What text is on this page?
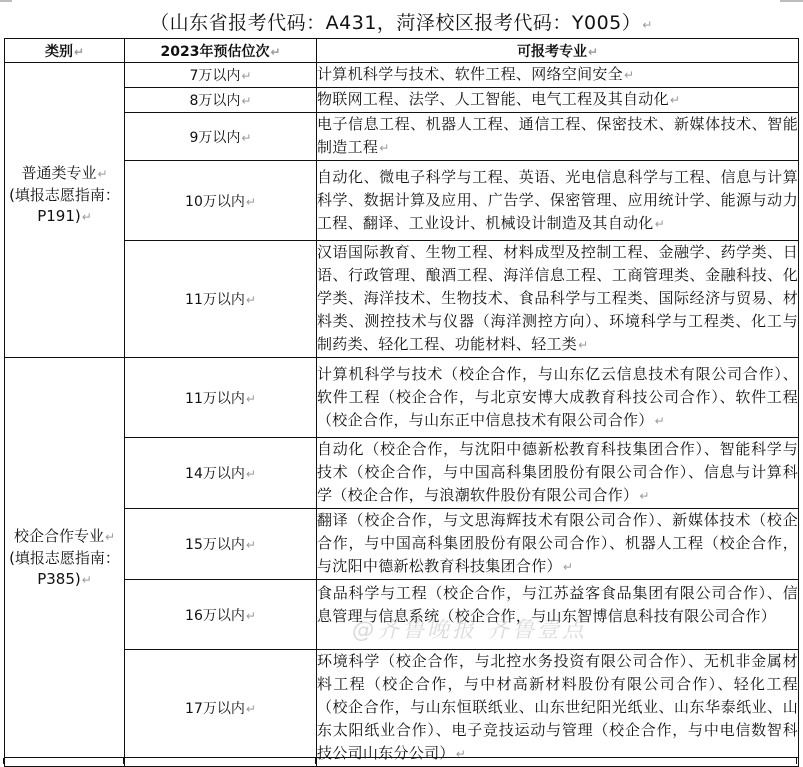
（山东省报考代码：A431，菏泽校区报考代码：Y005）↵
类别↵	2023年预估位次↵	可报考专业↵
普通类专业↵
(填报志愿指南：P191)↵	7万以内↵	计算机科学与技术、软件工程、网络空间安全↵
	8万以内↵	物联网工程、法学、人工智能、电气工程及其自动化↵
	9万以内↵	电子信息工程、机器人工程、通信工程、保密技术、新媒体技术、智能制造工程↵
	10万以内↵	自动化、微电子科学与工程、英语、光电信息科学与工程、信息与计算科学、数据计算及应用、广告学、保密管理、应用统计学、能源与动力工程、翻译、工业设计、机械设计制造及其自动化↵
	11万以内↵	汉语国际教育、生物工程、材料成型及控制工程、金融学、药学类、日语、行政管理、酿酒工程、海洋信息工程、工商管理类、金融科技、化学类、海洋技术、生物技术、食品科学与工程类、国际经济与贸易、材料类、测控技术与仪器（海洋测控方向）、环境科学与工程类、化工与制药类、轻化工程、功能材料、轻工类↵
校企合作专业↵
(填报志愿指南：P385)↵	11万以内↵	计算机科学与技术（校企合作，与山东亿云信息技术有限公司合作）、软件工程（校企合作，与北京安博大成教育科技公司合作）、软件工程（校企合作，与山东正中信息技术有限公司合作）↵
	14万以内↵	自动化（校企合作，与沈阳中德新松教育科技集团合作）、智能科学与技术（校企合作，与中国高科集团股份有限公司合作）、信息与计算科学（校企合作，与浪潮软件股份有限公司合作）↵
	15万以内↵	翻译（校企合作，与文思海辉技术有限公司合作）、新媒体技术（校企合作，与中国高科集团股份有限公司合作）、机器人工程（校企合作，与沈阳中德新松教育科技集团合作）↵
	16万以内↵	食品科学与工程（校企合作，与江苏益客食品集团有限公司合作）、信息管理与信息系统（校企合作，与山东智博信息科技有限公司合作）
	17万以内↵	环境科学（校企合作，与北控水务投资有限公司合作）、无机非金属材料工程（校企合作，与中材高新材料股份有限公司合作）、轻化工程（校企合作，与山东恒联纸业、山东世纪阳光纸业、山东华泰纸业、山东太阳纸业合作）、电子竞技运动与管理（校企合作，与中电信数智科技公司山东分公司）↵
@齐鲁晚报 齐鲁壹点
